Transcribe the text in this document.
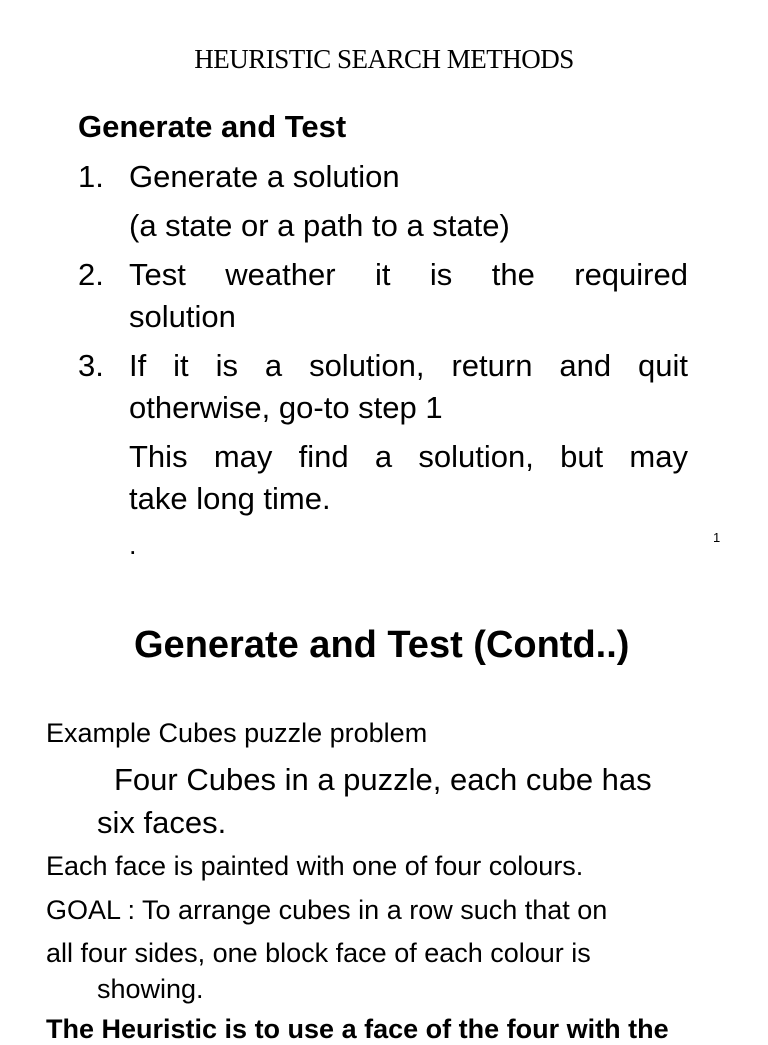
HEURISTIC SEARCH METHODS
Generate and Test
1. Generate a solution
(a state or a path to a state)
2. Test weather it is the required
solution
3. If it is a solution, return and quit
otherwise, go-to step 1
This may find a solution, but may
take long time.
.	1
Generate and Test (Contd..)
Example Cubes puzzle problem
Four Cubes in a puzzle, each cube has
six faces.
Each face is painted with one of four colours.
GOAL : To arrange cubes in a row such that on
all four sides, one block face of each colour is
showing.
The Heuristic is to use a face of the four with the
